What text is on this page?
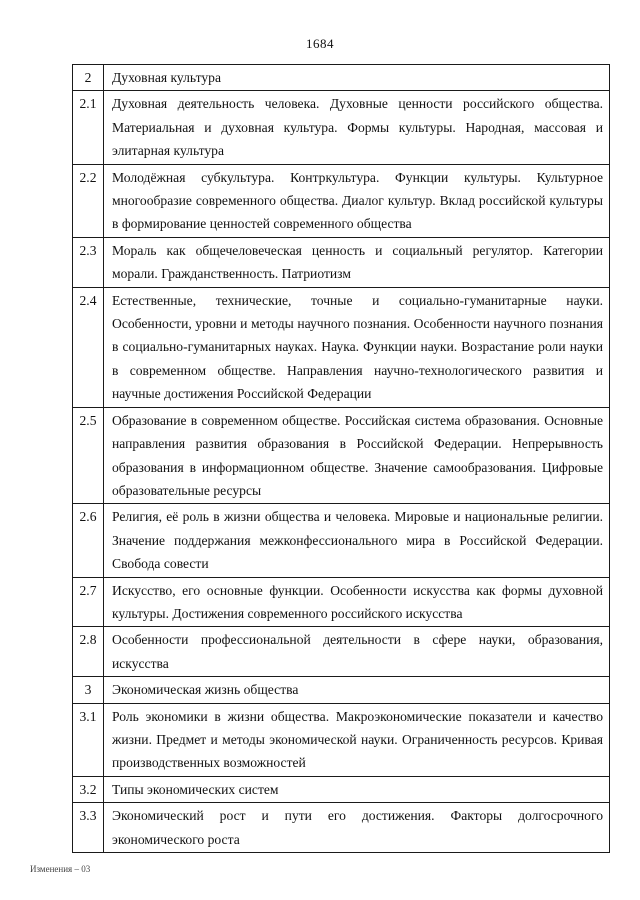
1684
2	Духовная культура
2.1	Духовная деятельность человека. Духовные ценности российского общества. Материальная и духовная культура. Формы культуры. Народная, массовая и элитарная культура
2.2	Молодёжная субкультура. Контркультура. Функции культуры. Культурное многообразие современного общества. Диалог культур. Вклад российской культуры в формирование ценностей современного общества
2.3	Мораль как общечеловеческая ценность и социальный регулятор. Категории морали. Гражданственность. Патриотизм
2.4	Естественные, технические, точные и социально-гуманитарные науки. Особенности, уровни и методы научного познания. Особенности научного познания в социально-гуманитарных науках. Наука. Функции науки. Возрастание роли науки в современном обществе. Направления научно-технологического развития и научные достижения Российской Федерации
2.5	Образование в современном обществе. Российская система образования. Основные направления развития образования в Российской Федерации. Непрерывность образования в информационном обществе. Значение самообразования. Цифровые образовательные ресурсы
2.6	Религия, её роль в жизни общества и человека. Мировые и национальные религии. Значение поддержания межконфессионального мира в Российской Федерации. Свобода совести
2.7	Искусство, его основные функции. Особенности искусства как формы духовной культуры. Достижения современного российского искусства
2.8	Особенности профессиональной деятельности в сфере науки, образования, искусства
3	Экономическая жизнь общества
3.1	Роль экономики в жизни общества. Макроэкономические показатели и качество жизни. Предмет и методы экономической науки. Ограниченность ресурсов. Кривая производственных возможностей
3.2	Типы экономических систем
3.3	Экономический рост и пути его достижения. Факторы долгосрочного экономического роста
Изменения – 03
